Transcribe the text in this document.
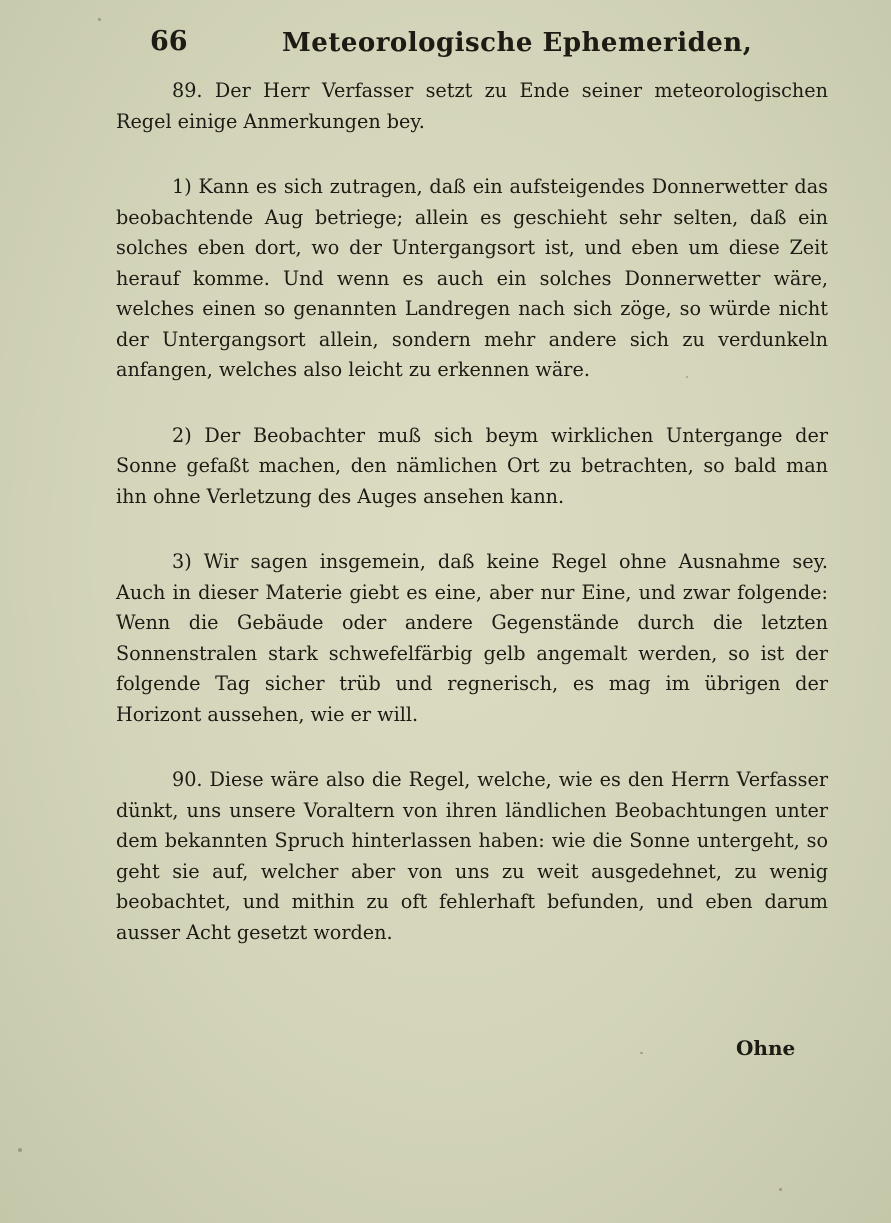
66	Meteorologische Ephemeriden,

89. Der Herr Verfasser setzt zu Ende seiner meteorologischen Regel einige Anmerkungen bey.

1) Kann es sich zutragen, daß ein aufsteigendes Donnerwetter das beobachtende Aug betriege; allein es geschieht sehr selten, daß ein solches eben dort, wo der Untergangsort ist, und eben um diese Zeit herauf komme. Und wenn es auch ein solches Donnerwetter wäre, welches einen so genannten Landregen nach sich zöge, so würde nicht der Untergangsort allein, sondern mehr andere sich zu verdunkeln anfangen, welches also leicht zu erkennen wäre.

2) Der Beobachter muß sich beym wirklichen Untergange der Sonne gefaßt machen, den nämlichen Ort zu betrachten, so bald man ihn ohne Verletzung des Auges ansehen kann.

3) Wir sagen insgemein, daß keine Regel ohne Ausnahme sey. Auch in dieser Materie giebt es eine, aber nur Eine, und zwar folgende: Wenn die Gebäude oder andere Gegenstände durch die letzten Sonnenstralen stark schwefelfärbig gelb angemalt werden, so ist der folgende Tag sicher trüb und regnerisch, es mag im übrigen der Horizont aussehen, wie er will.

90. Diese wäre also die Regel, welche, wie es den Herrn Verfasser dünkt, uns unsere Voraltern von ihren ländlichen Beobachtungen unter dem bekannten Spruch hinterlassen haben: wie die Sonne untergeht, so geht sie auf, welcher aber von uns zu weit ausgedehnet, zu wenig beobachtet, und mithin zu oft fehlerhaft befunden, und eben darum ausser Acht gesetzt worden.

Ohne
